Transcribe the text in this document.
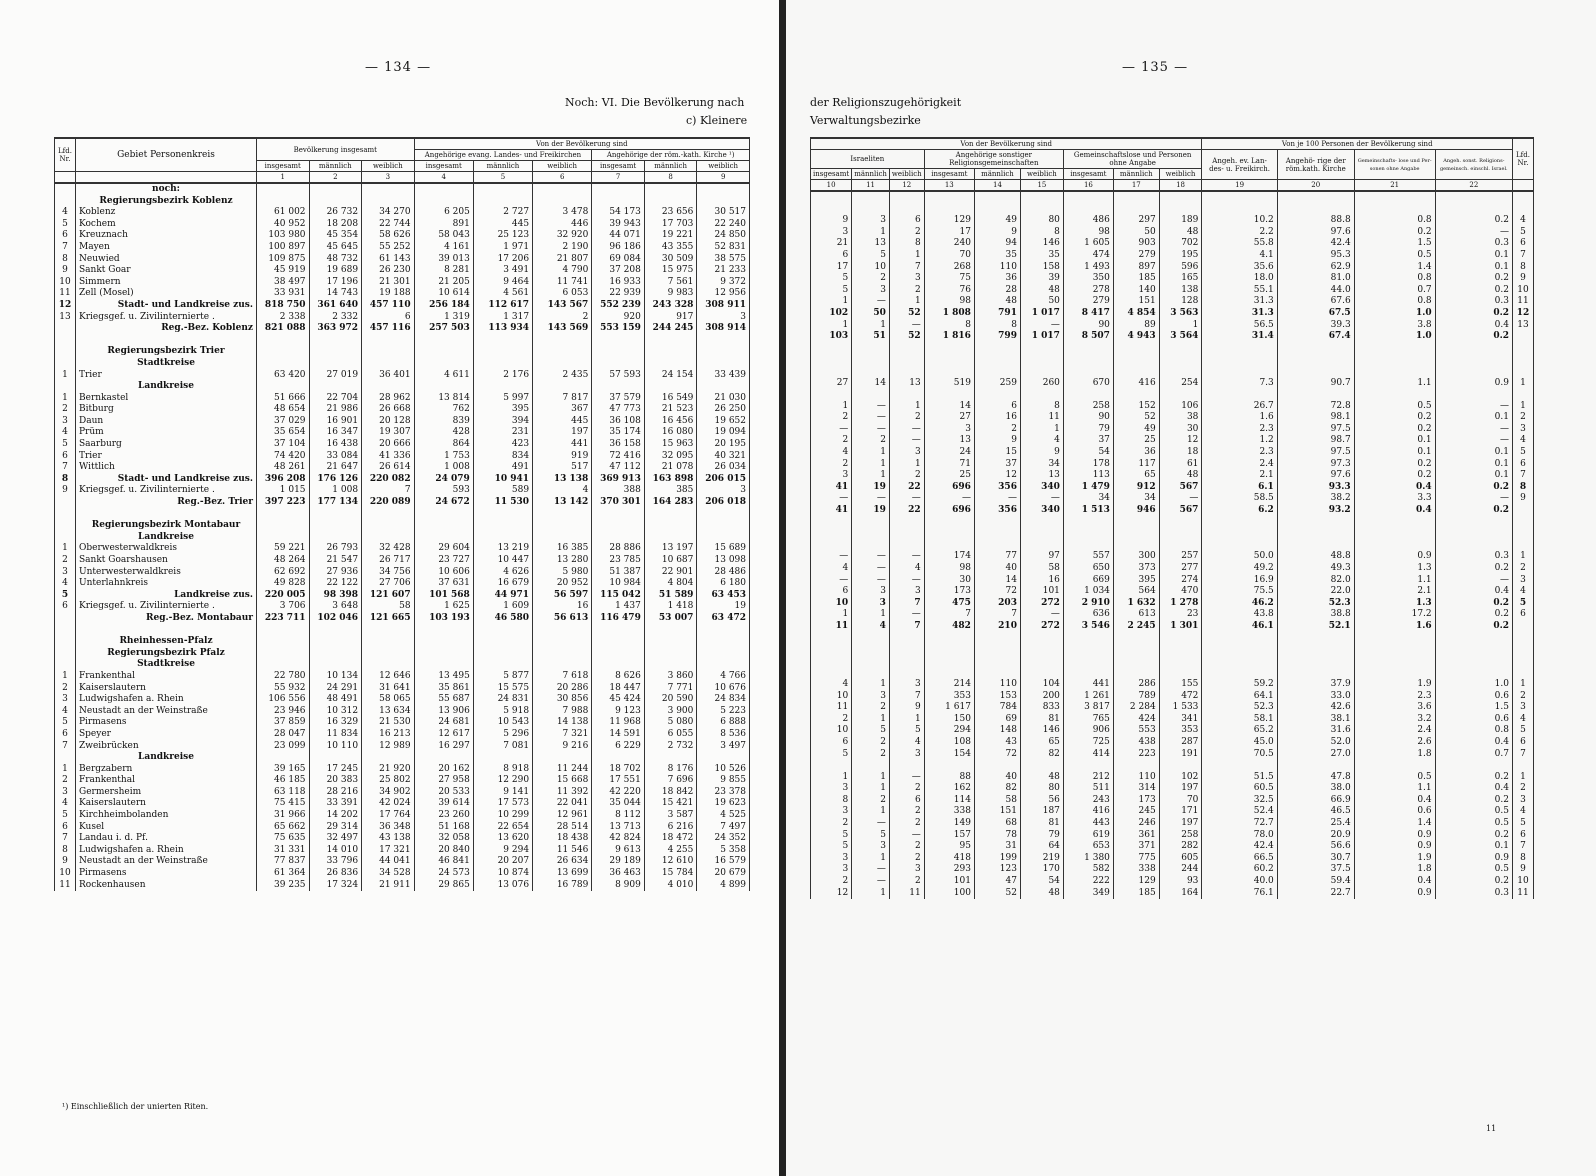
— 134 —
Noch: VI. Die Bevölkerung nach
c) Kleinere
Lfd. Nr.	Gebiet Personenkreis	Bevölkerung insgesamt			Von der Bevölkerung sind					
					Angehörige evang. Landes- und Freikirchen			Angehörige der röm.-kath. Kirche ¹)		
		insgesamt	männlich	weiblich	insgesamt	männlich	weiblich	insgesamt	männlich	weiblich
		1	2	3	4	5	6	7	8	9
	noch:									
	Regierungsbezirk Koblenz									
4	Koblenz	61 002	26 732	34 270	6 205	2 727	3 478	54 173	23 656	30 517
5	Kochem	40 952	18 208	22 744	891	445	446	39 943	17 703	22 240
6	Kreuznach	103 980	45 354	58 626	58 043	25 123	32 920	44 071	19 221	24 850
7	Mayen	100 897	45 645	55 252	4 161	1 971	2 190	96 186	43 355	52 831
8	Neuwied	109 875	48 732	61 143	39 013	17 206	21 807	69 084	30 509	38 575
9	Sankt Goar	45 919	19 689	26 230	8 281	3 491	4 790	37 208	15 975	21 233
10	Simmern	38 497	17 196	21 301	21 205	9 464	11 741	16 933	7 561	9 372
11	Zell (Mosel)	33 931	14 743	19 188	10 614	4 561	6 053	22 939	9 983	12 956
12	Stadt- und Landkreise zus.	818 750	361 640	457 110	256 184	112 617	143 567	552 239	243 328	308 911
13	Kriegsgef. u. Zivilinternierte .	2 338	2 332	6	1 319	1 317	2	920	917	3
	Reg.-Bez. Koblenz	821 088	363 972	457 116	257 503	113 934	143 569	553 159	244 245	308 914

	Regierungsbezirk Trier									
	Stadtkreise									
1	Trier	63 420	27 019	36 401	4 611	2 176	2 435	57 593	24 154	33 439
	Landkreise									
1	Bernkastel	51 666	22 704	28 962	13 814	5 997	7 817	37 579	16 549	21 030
2	Bitburg	48 654	21 986	26 668	762	395	367	47 773	21 523	26 250
3	Daun	37 029	16 901	20 128	839	394	445	36 108	16 456	19 652
4	Prüm	35 654	16 347	19 307	428	231	197	35 174	16 080	19 094
5	Saarburg	37 104	16 438	20 666	864	423	441	36 158	15 963	20 195
6	Trier	74 420	33 084	41 336	1 753	834	919	72 416	32 095	40 321
7	Wittlich	48 261	21 647	26 614	1 008	491	517	47 112	21 078	26 034
8	Stadt- und Landkreise zus.	396 208	176 126	220 082	24 079	10 941	13 138	369 913	163 898	206 015
9	Kriegsgef. u. Zivilinternierte .	1 015	1 008	7	593	589	4	388	385	3
	Reg.-Bez. Trier	397 223	177 134	220 089	24 672	11 530	13 142	370 301	164 283	206 018

	Regierungsbezirk Montabaur									
	Landkreise									
1	Oberwesterwaldkreis	59 221	26 793	32 428	29 604	13 219	16 385	28 886	13 197	15 689
2	Sankt Goarshausen	48 264	21 547	26 717	23 727	10 447	13 280	23 785	10 687	13 098
3	Unterwesterwaldkreis	62 692	27 936	34 756	10 606	4 626	5 980	51 387	22 901	28 486
4	Unterlahnkreis	49 828	22 122	27 706	37 631	16 679	20 952	10 984	4 804	6 180
5	Landkreise zus.	220 005	98 398	121 607	101 568	44 971	56 597	115 042	51 589	63 453
6	Kriegsgef. u. Zivilinternierte .	3 706	3 648	58	1 625	1 609	16	1 437	1 418	19
	Reg.-Bez. Montabaur	223 711	102 046	121 665	103 193	46 580	56 613	116 479	53 007	63 472

	Rheinhessen-Pfalz									
	Regierungsbezirk Pfalz									
	Stadtkreise									
1	Frankenthal	22 780	10 134	12 646	13 495	5 877	7 618	8 626	3 860	4 766
2	Kaiserslautern	55 932	24 291	31 641	35 861	15 575	20 286	18 447	7 771	10 676
3	Ludwigshafen a. Rhein	106 556	48 491	58 065	55 687	24 831	30 856	45 424	20 590	24 834
4	Neustadt an der Weinstraße	23 946	10 312	13 634	13 906	5 918	7 988	9 123	3 900	5 223
5	Pirmasens	37 859	16 329	21 530	24 681	10 543	14 138	11 968	5 080	6 888
6	Speyer	28 047	11 834	16 213	12 617	5 296	7 321	14 591	6 055	8 536
7	Zweibrücken	23 099	10 110	12 989	16 297	7 081	9 216	6 229	2 732	3 497
	Landkreise									
1	Bergzabern	39 165	17 245	21 920	20 162	8 918	11 244	18 702	8 176	10 526
2	Frankenthal	46 185	20 383	25 802	27 958	12 290	15 668	17 551	7 696	9 855
3	Germersheim	63 118	28 216	34 902	20 533	9 141	11 392	42 220	18 842	23 378
4	Kaiserslautern	75 415	33 391	42 024	39 614	17 573	22 041	35 044	15 421	19 623
5	Kirchheimbolanden	31 966	14 202	17 764	23 260	10 299	12 961	8 112	3 587	4 525
6	Kusel	65 662	29 314	36 348	51 168	22 654	28 514	13 713	6 216	7 497
7	Landau i. d. Pf.	75 635	32 497	43 138	32 058	13 620	18 438	42 824	18 472	24 352
8	Ludwigshafen a. Rhein	31 331	14 010	17 321	20 840	9 294	11 546	9 613	4 255	5 358
9	Neustadt an der Weinstraße	77 837	33 796	44 041	46 841	20 207	26 634	29 189	12 610	16 579
10	Pirmasens	61 364	26 836	34 528	24 573	10 874	13 699	36 463	15 784	20 679
11	Rockenhausen	39 235	17 324	21 911	29 865	13 076	16 789	8 909	4 010	4 899
¹) Einschließlich der unierten Riten.
— 135 —
der Religionszugehörigkeit
Verwaltungsbezirke
Von der Bevölkerung sind									Von je 100 Personen der Bevölkerung sind				Lfd. Nr.
Israeliten			Angehörige sonstiger Religionsgemeinschaften			Gemeinschaftslose und Personen ohne Angabe			Angeh. ev. Lan- des- u. Freikirch.	Angehö- rige der röm.kath. Kirche	Gemeinschafts- lose und Per- sonen ohne Angabe	Angeh. sonst. Religions- gemeinsch. einschl. Israel.	
insgesamt	männlich	weiblich	insgesamt	männlich	weiblich	insgesamt	männlich	weiblich					
10	11	12	13	14	15	16	17	18	19	20	21	22	

9	3	6	129	49	80	486	297	189	10.2	88.8	0.8	0.2	4
3	1	2	17	9	8	98	50	48	2.2	97.6	0.2	—	5
21	13	8	240	94	146	1 605	903	702	55.8	42.4	1.5	0.3	6
6	5	1	70	35	35	474	279	195	4.1	95.3	0.5	0.1	7
17	10	7	268	110	158	1 493	897	596	35.6	62.9	1.4	0.1	8
5	2	3	75	36	39	350	185	165	18.0	81.0	0.8	0.2	9
5	3	2	76	28	48	278	140	138	55.1	44.0	0.7	0.2	10
1	—	1	98	48	50	279	151	128	31.3	67.6	0.8	0.3	11
102	50	52	1 808	791	1 017	8 417	4 854	3 563	31.3	67.5	1.0	0.2	12
1	1	—	8	8	—	90	89	1	56.5	39.3	3.8	0.4	13
103	51	52	1 816	799	1 017	8 507	4 943	3 564	31.4	67.4	1.0	0.2	

27	14	13	519	259	260	670	416	254	7.3	90.7	1.1	0.9	1

1	—	1	14	6	8	258	152	106	26.7	72.8	0.5	—	1
2	—	2	27	16	11	90	52	38	1.6	98.1	0.2	0.1	2
—	—	—	3	2	1	79	49	30	2.3	97.5	0.2	—	3
2	2	—	13	9	4	37	25	12	1.2	98.7	0.1	—	4
4	1	3	24	15	9	54	36	18	2.3	97.5	0.1	0.1	5
2	1	1	71	37	34	178	117	61	2.4	97.3	0.2	0.1	6
3	1	2	25	12	13	113	65	48	2.1	97.6	0.2	0.1	7
41	19	22	696	356	340	1 479	912	567	6.1	93.3	0.4	0.2	8
—	—	—	—	—	—	34	34	—	58.5	38.2	3.3	—	9
41	19	22	696	356	340	1 513	946	567	6.2	93.2	0.4	0.2	

—	—	—	174	77	97	557	300	257	50.0	48.8	0.9	0.3	1
4	—	4	98	40	58	650	373	277	49.2	49.3	1.3	0.2	2
—	—	—	30	14	16	669	395	274	16.9	82.0	1.1	—	3
6	3	3	173	72	101	1 034	564	470	75.5	22.0	2.1	0.4	4
10	3	7	475	203	272	2 910	1 632	1 278	46.2	52.3	1.3	0.2	5
1	1	—	7	7	—	636	613	23	43.8	38.8	17.2	0.2	6
11	4	7	482	210	272	3 546	2 245	1 301	46.1	52.1	1.6	0.2	

4	1	3	214	110	104	441	286	155	59.2	37.9	1.9	1.0	1
10	3	7	353	153	200	1 261	789	472	64.1	33.0	2.3	0.6	2
11	2	9	1 617	784	833	3 817	2 284	1 533	52.3	42.6	3.6	1.5	3
2	1	1	150	69	81	765	424	341	58.1	38.1	3.2	0.6	4
10	5	5	294	148	146	906	553	353	65.2	31.6	2.4	0.8	5
6	2	4	108	43	65	725	438	287	45.0	52.0	2.6	0.4	6
5	2	3	154	72	82	414	223	191	70.5	27.0	1.8	0.7	7

1	1	—	88	40	48	212	110	102	51.5	47.8	0.5	0.2	1
3	1	2	162	82	80	511	314	197	60.5	38.0	1.1	0.4	2
8	2	6	114	58	56	243	173	70	32.5	66.9	0.4	0.2	3
3	1	2	338	151	187	416	245	171	52.4	46.5	0.6	0.5	4
2	—	2	149	68	81	443	246	197	72.7	25.4	1.4	0.5	5
5	5	—	157	78	79	619	361	258	78.0	20.9	0.9	0.2	6
5	3	2	95	31	64	653	371	282	42.4	56.6	0.9	0.1	7
3	1	2	418	199	219	1 380	775	605	66.5	30.7	1.9	0.9	8
3	—	3	293	123	170	582	338	244	60.2	37.5	1.8	0.5	9
2	—	2	101	47	54	222	129	93	40.0	59.4	0.4	0.2	10
12	1	11	100	52	48	349	185	164	76.1	22.7	0.9	0.3	11
11
